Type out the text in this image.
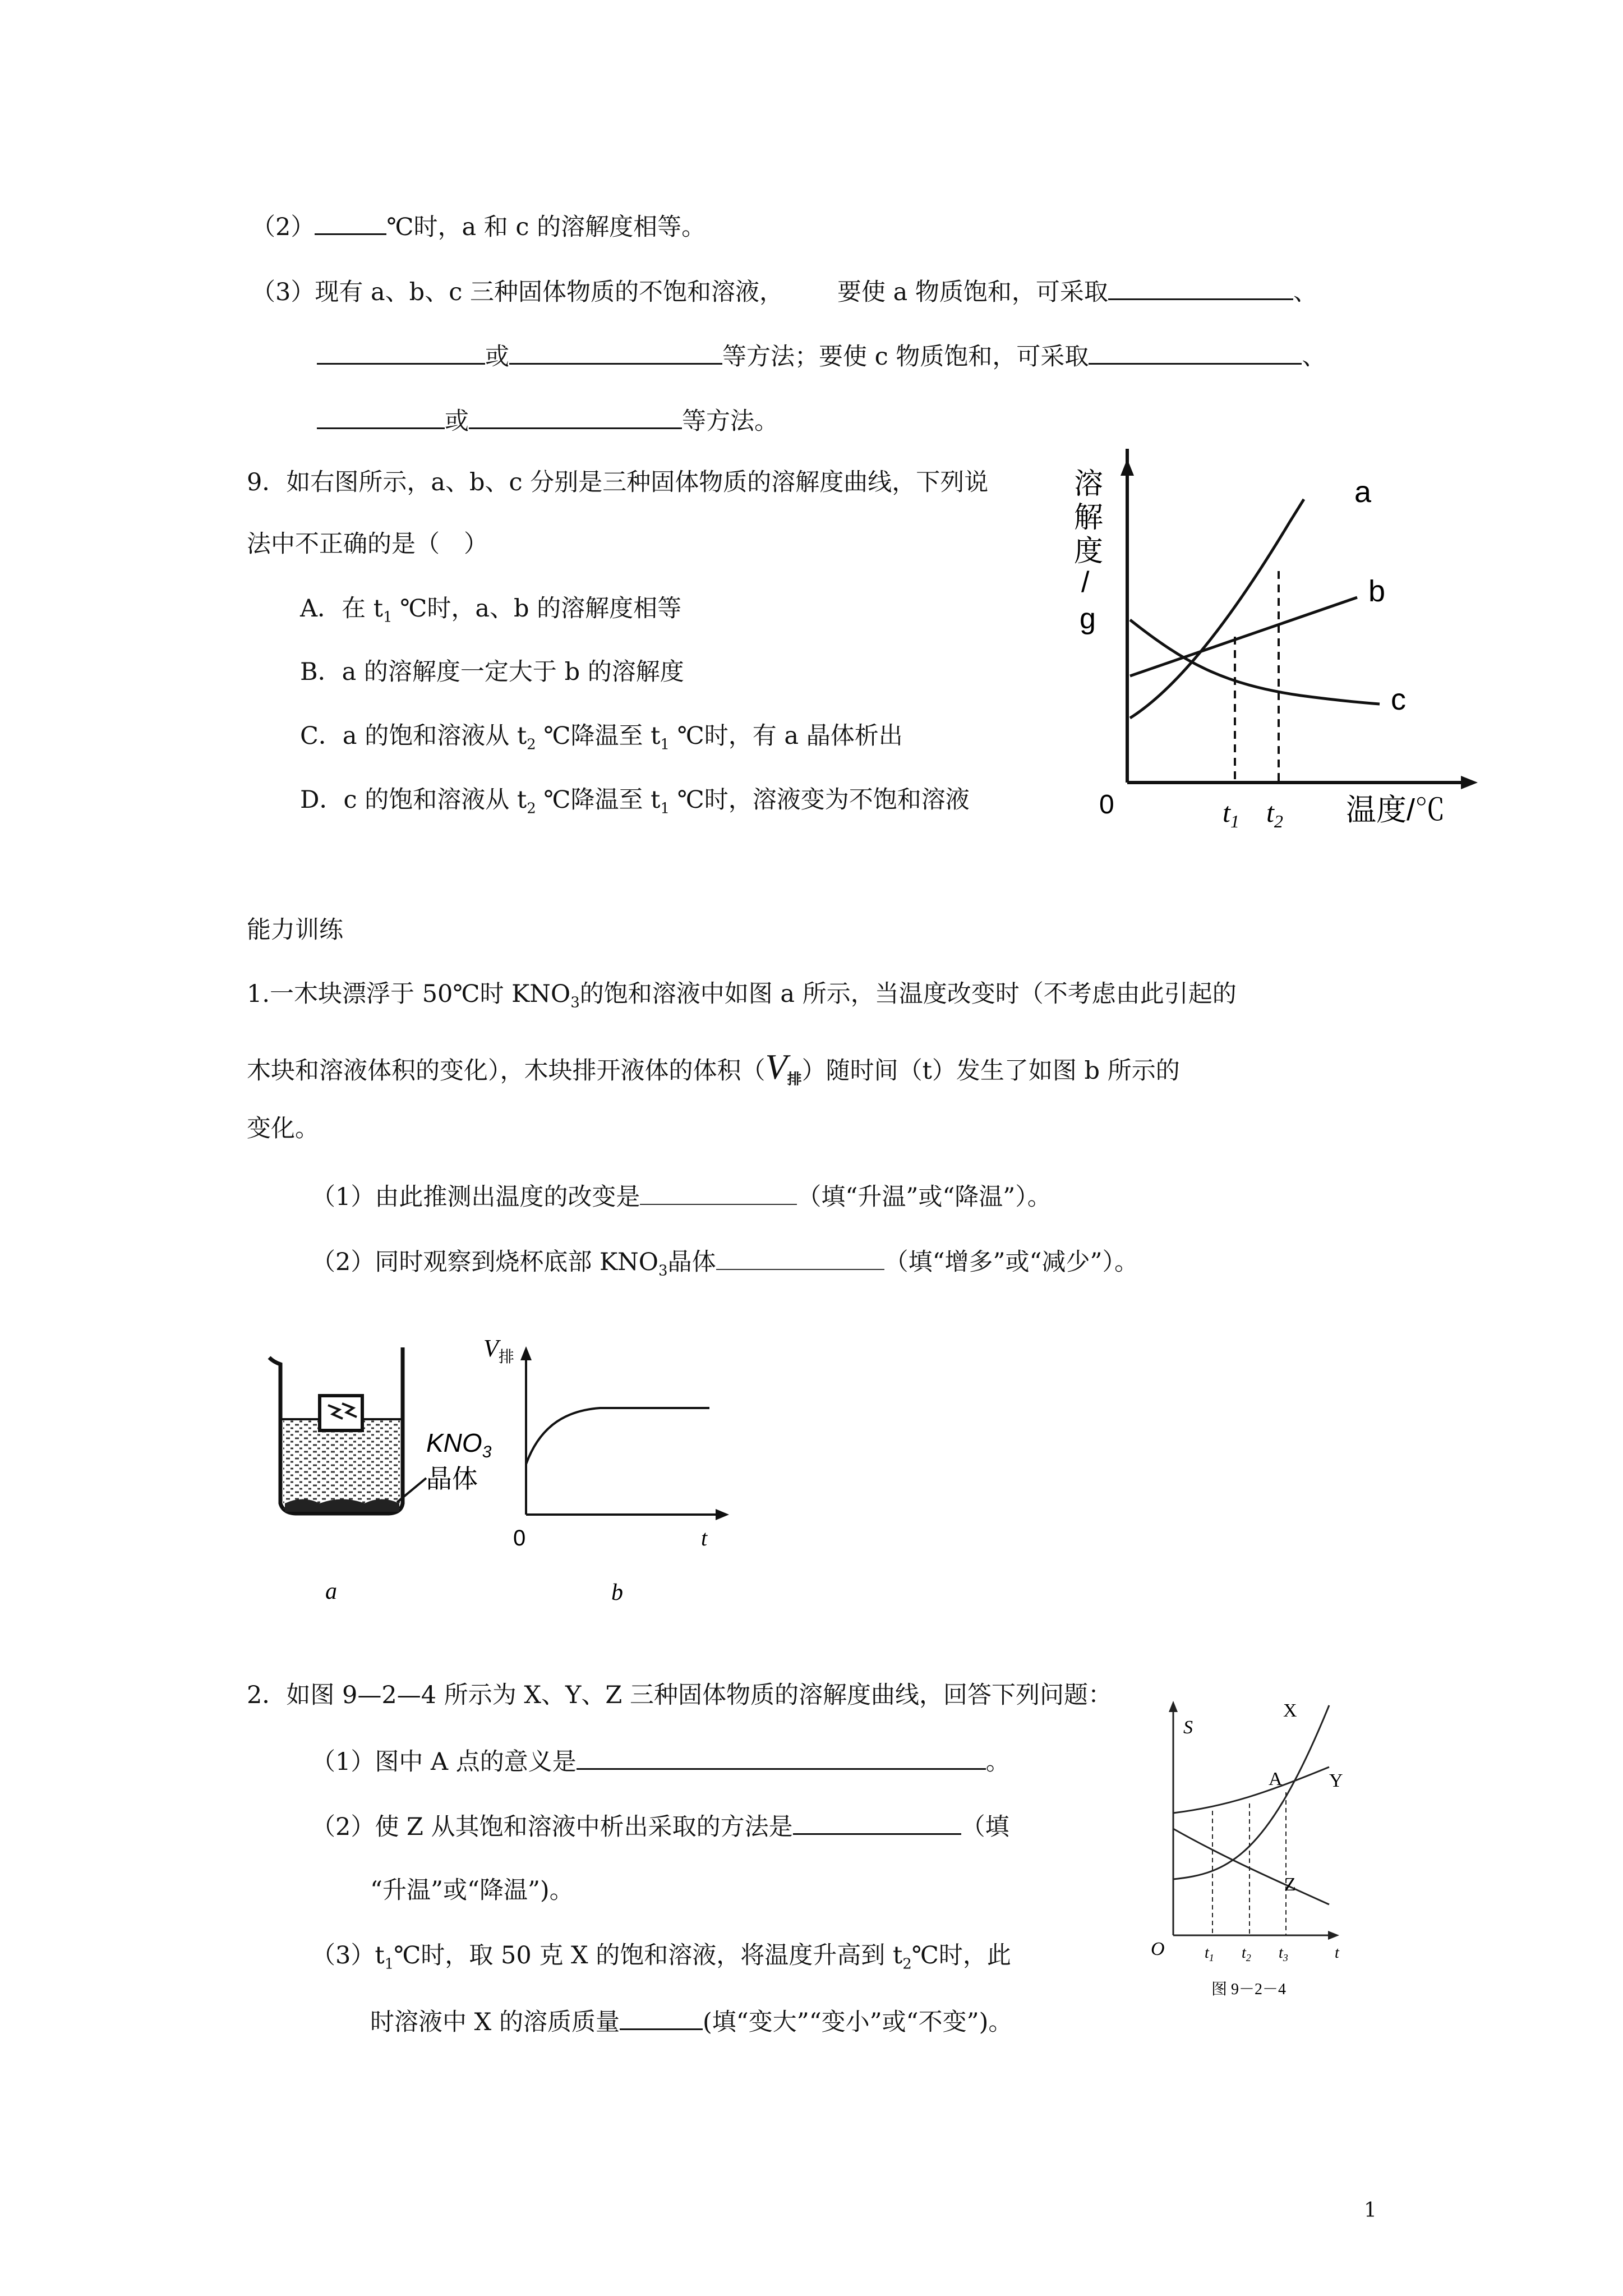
（2）	℃时，a 和 c 的溶解度相等。
（3）现有 a、b、c 三种固体物质的不饱和溶液， 要使 a 物质饱和，可采取	、
或	等方法；要使 c 物质饱和，可采取	、
或	等方法。
9．如右图所示，a、b、c 分别是三种固体物质的溶解度曲线，下列说
法中不正确的是（　）
A．在 $t_1$ ℃时，a、b 的溶解度相等
B．a 的溶解度一定大于 b 的溶解度
C．a 的饱和溶液从 $t_2$ ℃降温至 $t_1$ ℃时，有 a 晶体析出
D．c 的饱和溶液从 $t_2$ ℃降温至 $t_1$ ℃时，溶液变为不饱和溶液
溶
解
度
/
g
a
b
c
0	$t_1$ $t_2$ 温度/℃
能力训练
1.一木块漂浮于 50℃时 $KNO_3$的饱和溶液中如图 a 所示，当温度改变时（不考虑由此引起的
木块和溶液体积的变化），木块排开液体的体积$(V_排)$随时间（t）发生了如图 b 所示的
变化。
（1）由此推测出温度的改变是	（填“升温”或“降温”）。
（2）同时观察到烧杯底部 $KNO_3$晶体	（填“增多”或“减少”）。
$KNO_3$
晶体
a
$V_排$
0	t
b
2．如图 9—2—4 所示为 X、Y、Z 三种固体物质的溶解度曲线，回答下列问题：
（1）图中 A 点的意义是	。
（2）使 Z 从其饱和溶液中析出采取的方法是	（填
“升温”或“降温”)。
$(3)t_1℃$时，取 50 克 X 的饱和溶液，将温度升高到 $t_2℃$时，此
时溶液中 X 的溶质质量	(填“变大”“变小”或“不变”)。
S
X
Y
Z
A
O	$t_1$ $t_2$ $t_3$	t
图 9－2－4
1
